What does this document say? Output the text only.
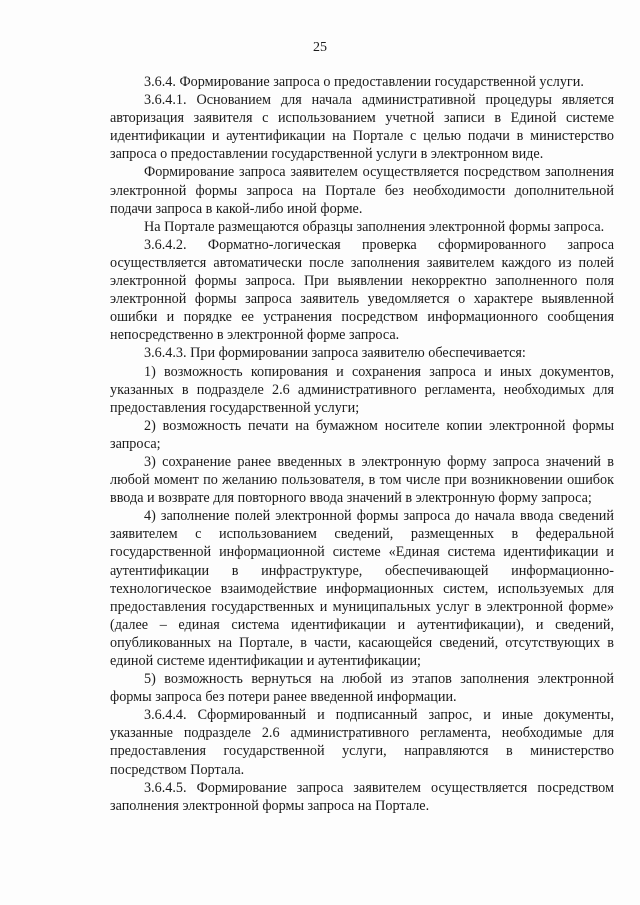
25

3.6.4. Формирование запроса о предоставлении государственной услуги.

3.6.4.1. Основанием для начала административной процедуры является авторизация заявителя с использованием учетной записи в Единой системе идентификации и аутентификации на Портале с целью подачи в министерство запроса о предоставлении государственной услуги в электронном виде.

Формирование запроса заявителем осуществляется посредством заполнения электронной формы запроса на Портале без необходимости дополнительной подачи запроса в какой-либо иной форме.

На Портале размещаются образцы заполнения электронной формы запроса.

3.6.4.2. Форматно-логическая проверка сформированного запроса осуществляется автоматически после заполнения заявителем каждого из полей электронной формы запроса. При выявлении некорректно заполненного поля электронной формы запроса заявитель уведомляется о характере выявленной ошибки и порядке ее устранения посредством информационного сообщения непосредственно в электронной форме запроса.

3.6.4.3. При формировании запроса заявителю обеспечивается:

1) возможность копирования и сохранения запроса и иных документов, указанных в подразделе 2.6 административного регламента, необходимых для предоставления государственной услуги;

2) возможность печати на бумажном носителе копии электронной формы запроса;

3) сохранение ранее введенных в электронную форму запроса значений в любой момент по желанию пользователя, в том числе при возникновении ошибок ввода и возврате для повторного ввода значений в электронную форму запроса;

4) заполнение полей электронной формы запроса до начала ввода сведений заявителем с использованием сведений, размещенных в федеральной государственной информационной системе «Единая система идентификации и аутентификации в инфраструктуре, обеспечивающей информационно-технологическое взаимодействие информационных систем, используемых для предоставления государственных и муниципальных услуг в электронной форме» (далее – единая система идентификации и аутентификации), и сведений, опубликованных на Портале, в части, касающейся сведений, отсутствующих в единой системе идентификации и аутентификации;

5) возможность вернуться на любой из этапов заполнения электронной формы запроса без потери ранее введенной информации.

3.6.4.4. Сформированный и подписанный запрос, и иные документы, указанные подразделе 2.6 административного регламента, необходимые для предоставления государственной услуги, направляются в министерство посредством Портала.

3.6.4.5. Формирование запроса заявителем осуществляется посредством заполнения электронной формы запроса на Портале.
